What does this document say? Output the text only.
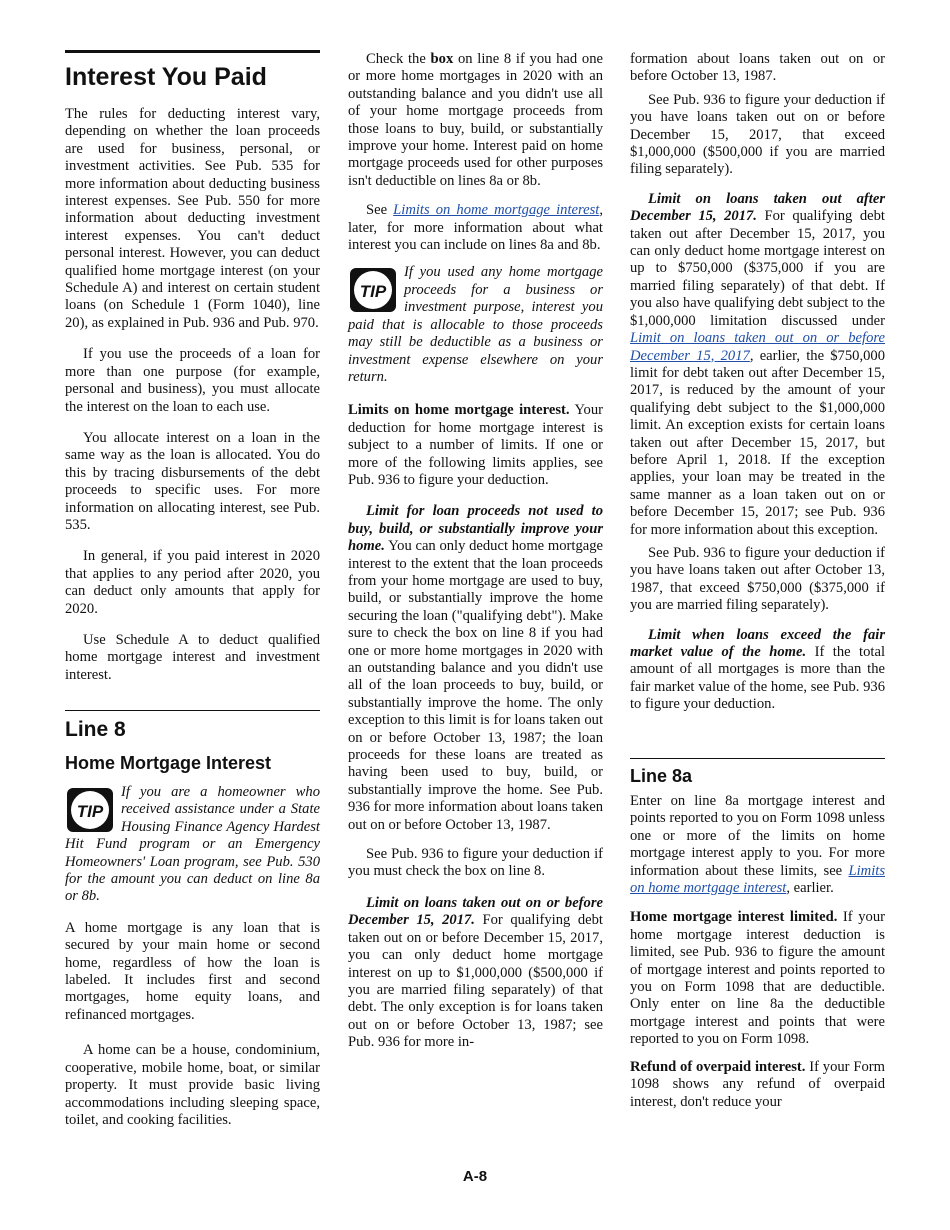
Interest You Paid

The rules for deducting interest vary, depending on whether the loan proceeds are used for business, personal, or investment activities. See Pub. 535 for more information about deducting business interest expenses. See Pub. 550 for more information about deducting investment interest expenses. You can't deduct personal interest. However, you can deduct qualified home mortgage interest (on your Schedule A) and interest on certain student loans (on Schedule 1 (Form 1040), line 20), as explained in Pub. 936 and Pub. 970.

If you use the proceeds of a loan for more than one purpose (for example, personal and business), you must allocate the interest on the loan to each use.

You allocate interest on a loan in the same way as the loan is allocated. You do this by tracing disbursements of the debt proceeds to specific uses. For more information on allocating interest, see Pub. 535.

In general, if you paid interest in 2020 that applies to any period after 2020, you can deduct only amounts that apply for 2020.

Use Schedule A to deduct qualified home mortgage interest and investment interest.

Line 8
Home Mortgage Interest
TIP

If you are a homeowner who received assistance under a State Housing Finance Agency Hardest Hit Fund program or an Emergency Homeowners' Loan program, see Pub. 530 for the amount you can deduct on line 8a or 8b.

A home mortgage is any loan that is secured by your main home or second home, regardless of how the loan is labeled. It includes first and second mortgages, home equity loans, and refinanced mortgages.

A home can be a house, condominium, cooperative, mobile home, boat, or similar property. It must provide basic living accommodations including sleeping space, toilet, and cooking facilities.

Check the box on line 8 if you had one or more home mortgages in 2020 with an outstanding balance and you didn't use all of your home mortgage proceeds from those loans to buy, build, or substantially improve your home. Interest paid on home mortgage proceeds used for other purposes isn't deductible on lines 8a or 8b.

See Limits on home mortgage interest, later, for more information about what interest you can include on lines 8a and 8b.

TIP

If you used any home mortgage proceeds for a business or investment purpose, interest you paid that is allocable to those proceeds may still be deductible as a business or investment expense elsewhere on your return.

Limits on home mortgage interest. Your deduction for home mortgage interest is subject to a number of limits. If one or more of the following limits applies, see Pub. 936 to figure your deduction.

Limit for loan proceeds not used to buy, build, or substantially improve your home. You can only deduct home mortgage interest to the extent that the loan proceeds from your home mortgage are used to buy, build, or substantially improve the home securing the loan ("qualifying debt"). Make sure to check the box on line 8 if you had one or more home mortgages in 2020 with an outstanding balance and you didn't use all of the loan proceeds to buy, build, or substantially improve the home. The only exception to this limit is for loans taken out on or before October 13, 1987; the loan proceeds for these loans are treated as having been used to buy, build, or substantially improve the home. See Pub. 936 for more information about loans taken out on or before October 13, 1987.

See Pub. 936 to figure your deduction if you must check the box on line 8.

Limit on loans taken out on or before December 15, 2017. For qualifying debt taken out on or before December 15, 2017, you can only deduct home mortgage interest on up to $1,000,000 ($500,000 if you are married filing separately) of that debt. The only exception is for loans taken out on or before October 13, 1987; see Pub. 936 for more in-

formation about loans taken out on or before October 13, 1987.

See Pub. 936 to figure your deduction if you have loans taken out on or before December 15, 2017, that exceed $1,000,000 ($500,000 if you are married filing separately).

Limit on loans taken out after December 15, 2017. For qualifying debt taken out after December 15, 2017, you can only deduct home mortgage interest on up to $750,000 ($375,000 if you are married filing separately) of that debt. If you also have qualifying debt subject to the $1,000,000 limitation discussed under Limit on loans taken out on or before December 15, 2017, earlier, the $750,000 limit for debt taken out after December 15, 2017, is reduced by the amount of your qualifying debt subject to the $1,000,000 limit. An exception exists for certain loans taken out after December 15, 2017, but before April 1, 2018. If the exception applies, your loan may be treated in the same manner as a loan taken out on or before December 15, 2017; see Pub. 936 for more information about this exception.

See Pub. 936 to figure your deduction if you have loans taken out after October 13, 1987, that exceed $750,000 ($375,000 if you are married filing separately).

Limit when loans exceed the fair market value of the home. If the total amount of all mortgages is more than the fair market value of the home, see Pub. 936 to figure your deduction.

Line 8a

Enter on line 8a mortgage interest and points reported to you on Form 1098 unless one or more of the limits on home mortgage interest apply to you. For more information about these limits, see Limits on home mortgage interest, earlier.

Home mortgage interest limited. If your home mortgage interest deduction is limited, see Pub. 936 to figure the amount of mortgage interest and points reported to you on Form 1098 that are deductible. Only enter on line 8a the deductible mortgage interest and points that were reported to you on Form 1098.

Refund of overpaid interest. If your Form 1098 shows any refund of overpaid interest, don't reduce your

A-8
